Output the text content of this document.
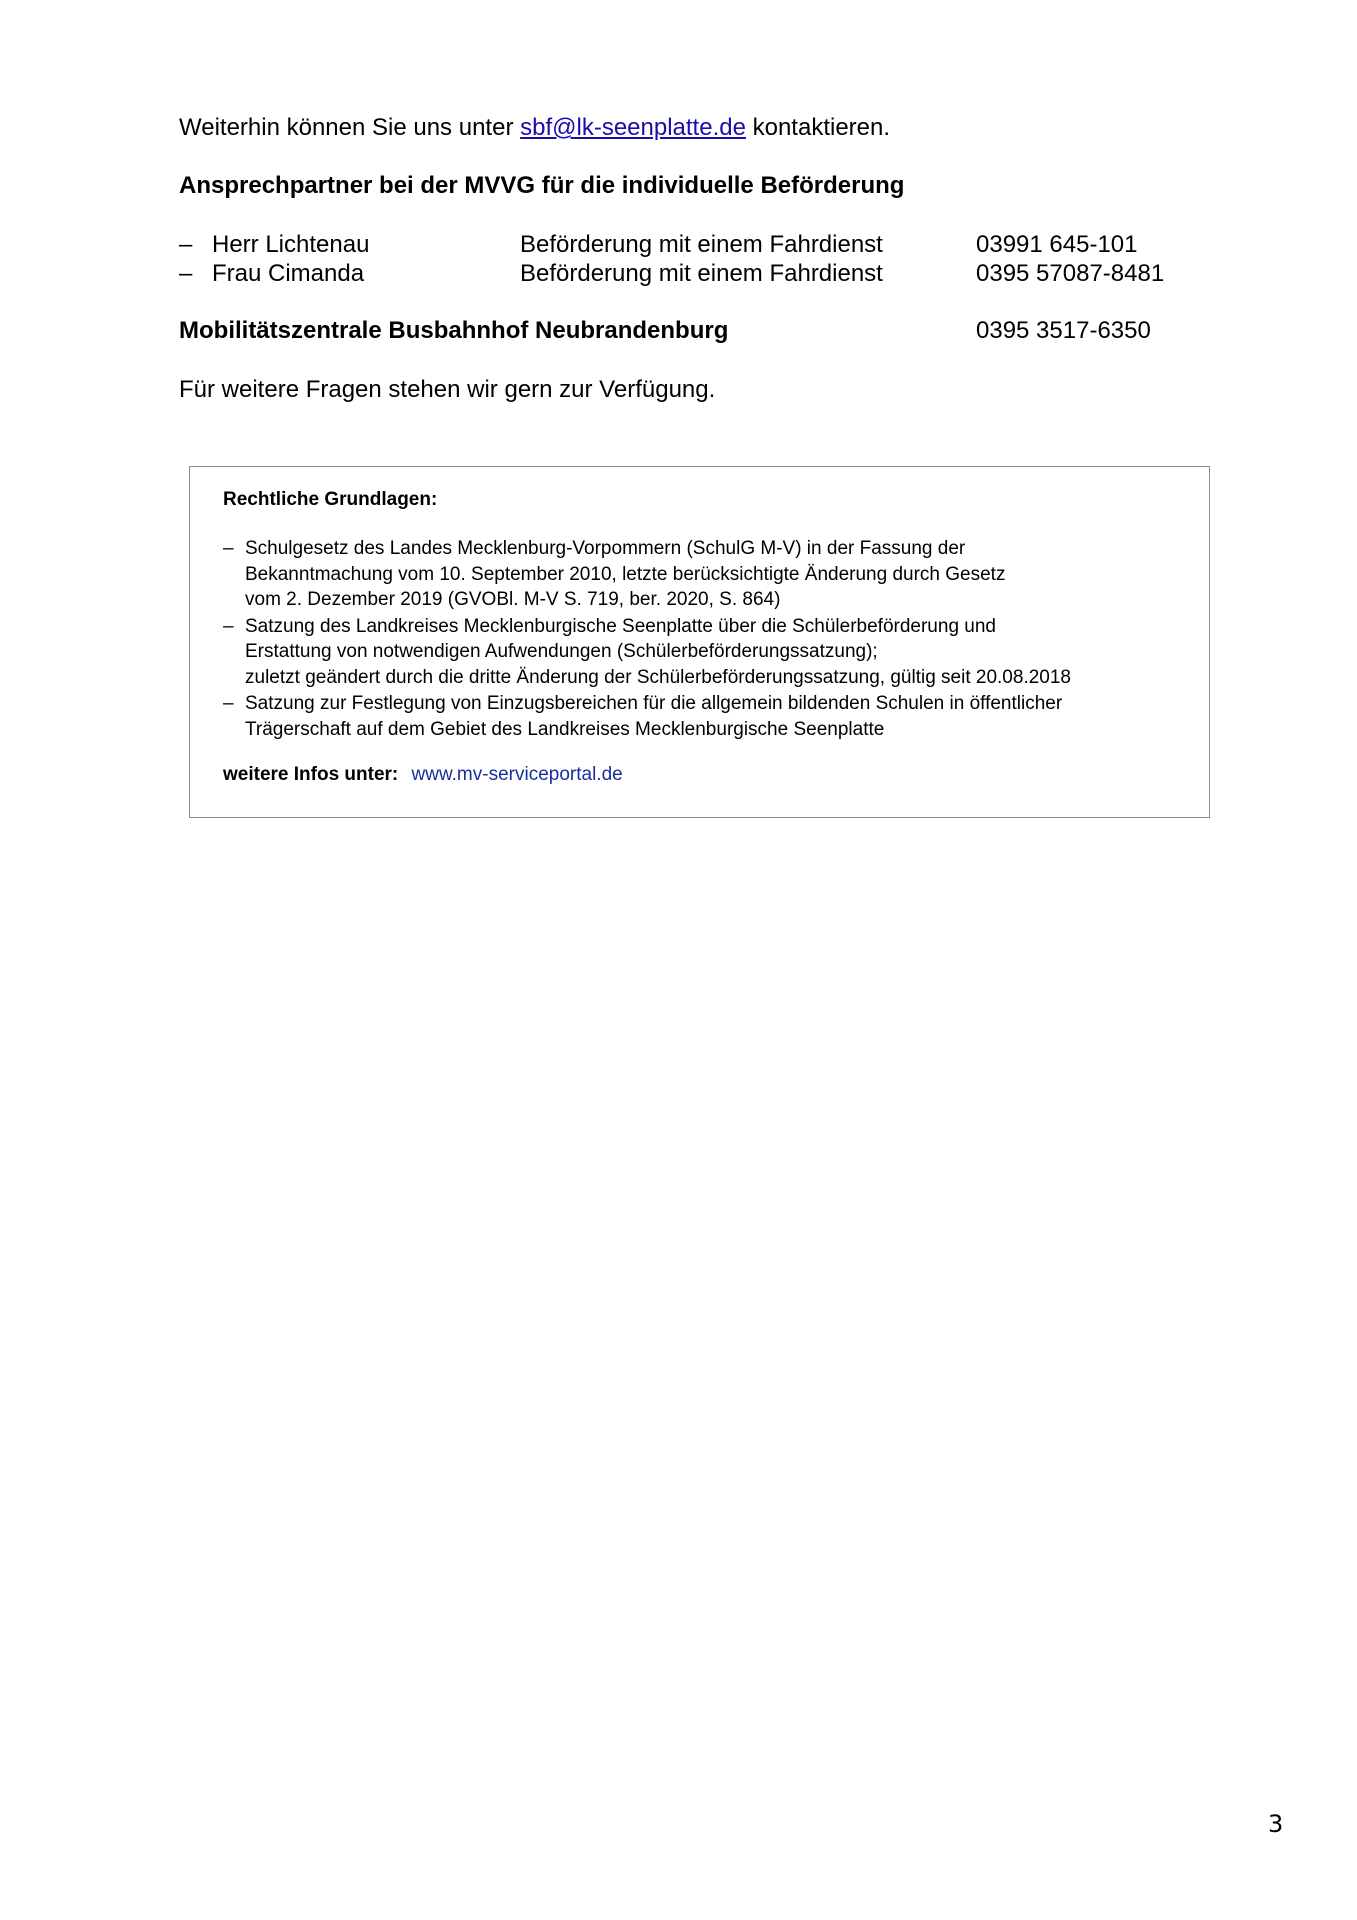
Weiterhin können Sie uns unter sbf@lk-seenplatte.de kontaktieren.
Ansprechpartner bei der MVVG für die individuelle Beförderung
– Herr Lichtenau	Beförderung mit einem Fahrdienst	03991 645-101
– Frau Cimanda	Beförderung mit einem Fahrdienst	0395 57087-8481
Mobilitätszentrale Busbahnhof Neubrandenburg	0395 3517-6350
Für weitere Fragen stehen wir gern zur Verfügung.
Rechtliche Grundlagen:
– Schulgesetz des Landes Mecklenburg-Vorpommern (SchulG M-V) in der Fassung der
Bekanntmachung vom 10. September 2010, letzte berücksichtigte Änderung durch Gesetz
vom 2. Dezember 2019 (GVOBl. M-V S. 719, ber. 2020, S. 864)
– Satzung des Landkreises Mecklenburgische Seenplatte über die Schülerbeförderung und
Erstattung von notwendigen Aufwendungen (Schülerbeförderungssatzung);
zuletzt geändert durch die dritte Änderung der Schülerbeförderungssatzung, gültig seit 20.08.2018
– Satzung zur Festlegung von Einzugsbereichen für die allgemein bildenden Schulen in öffentlicher
Trägerschaft auf dem Gebiet des Landkreises Mecklenburgische Seenplatte
weitere Infos unter: www.mv-serviceportal.de
3
